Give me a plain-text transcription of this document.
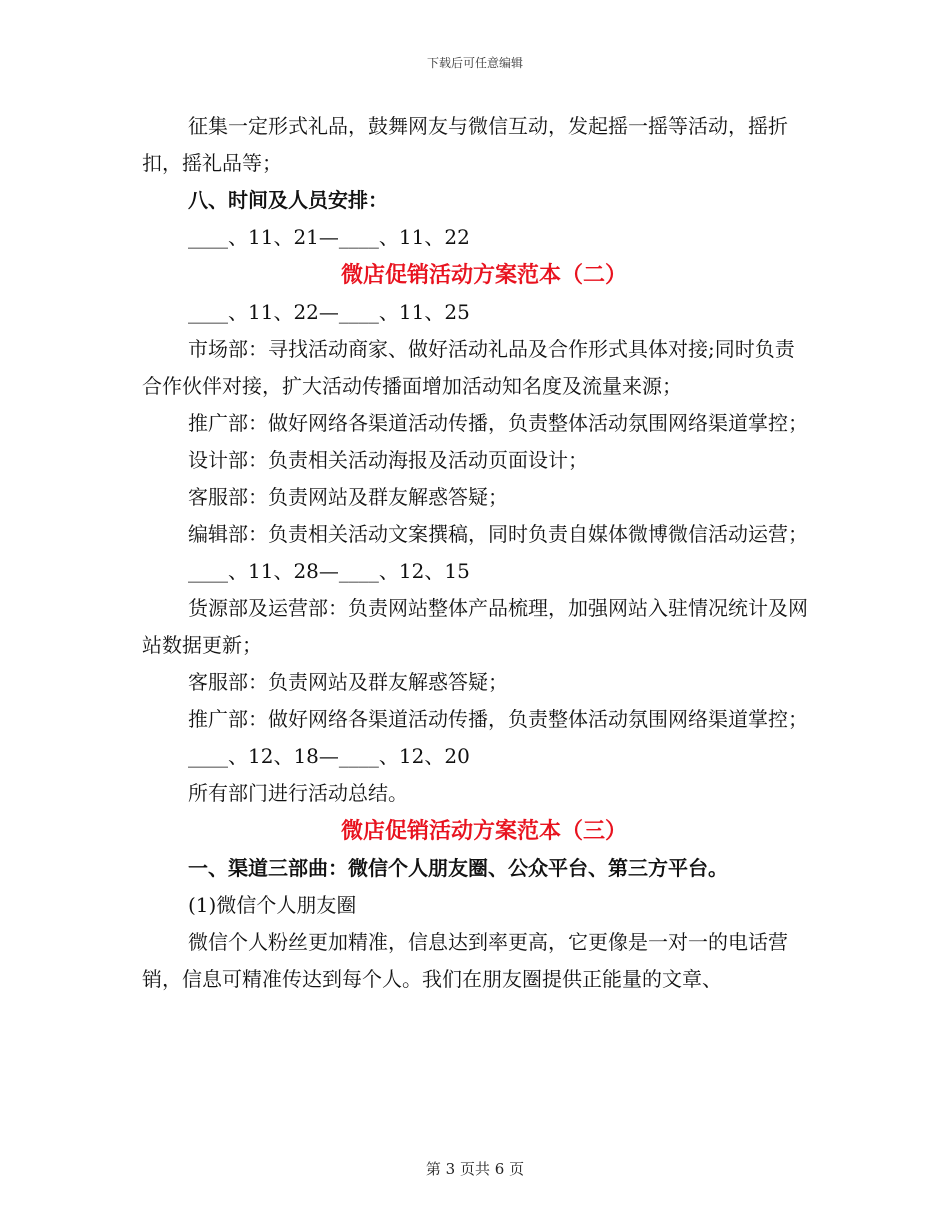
下载后可任意编辑

征集一定形式礼品，鼓舞网友与微信互动，发起摇一摇等活动，摇折扣，摇礼品等；

八、时间及人员安排：

____、11、21—____、11、22

微店促销活动方案范本（二）

____、11、22—____、11、25

市场部：寻找活动商家、做好活动礼品及合作形式具体对接;同时负责合作伙伴对接，扩大活动传播面增加活动知名度及流量来源；

推广部：做好网络各渠道活动传播，负责整体活动氛围网络渠道掌控；

设计部：负责相关活动海报及活动页面设计；

客服部：负责网站及群友解惑答疑；

编辑部：负责相关活动文案撰稿，同时负责自媒体微博微信活动运营；

____、11、28—____、12、15

货源部及运营部：负责网站整体产品梳理，加强网站入驻情况统计及网站数据更新；

客服部：负责网站及群友解惑答疑；

推广部：做好网络各渠道活动传播，负责整体活动氛围网络渠道掌控；

____、12、18—____、12、20

所有部门进行活动总结。

微店促销活动方案范本（三）

一、渠道三部曲：微信个人朋友圈、公众平台、第三方平台。

(1)微信个人朋友圈

微信个人粉丝更加精准，信息达到率更高，它更像是一对一的电话营销，信息可精准传达到每个人。我们在朋友圈提供正能量的文章、

第 3 页共 6 页
